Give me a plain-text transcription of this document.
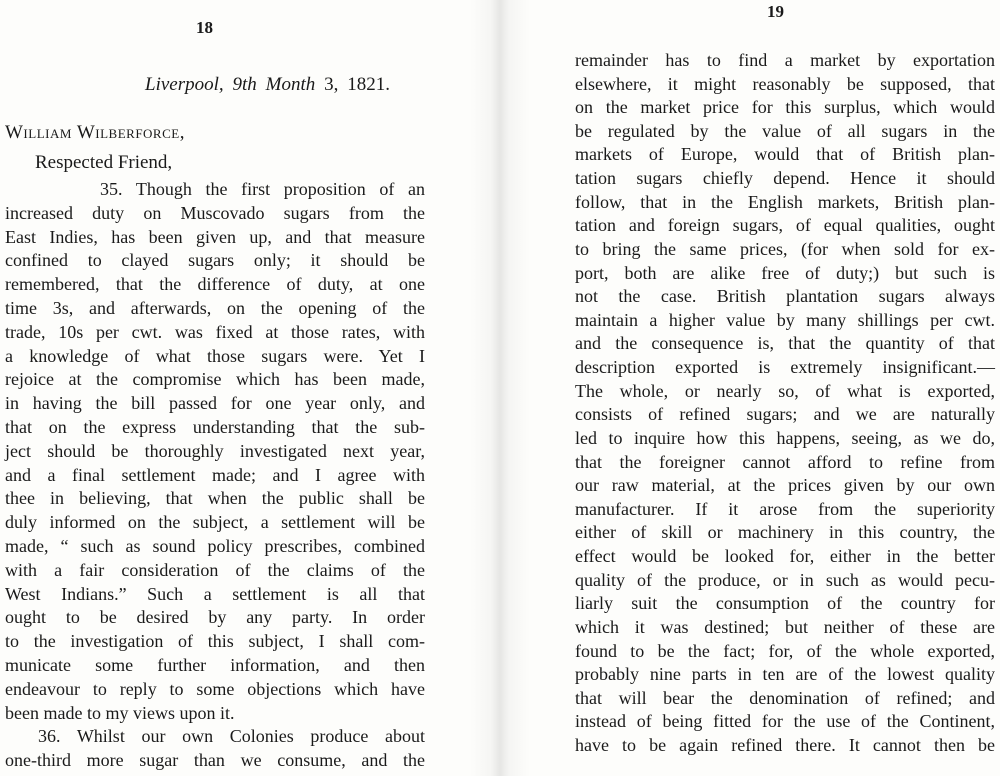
18
Liverpool, 9th Month 3, 1821.
William Wilberforce,
Respected Friend,
35. Though the first proposition of an
increased duty on Muscovado sugars from the
East Indies, has been given up, and that measure
confined to clayed sugars only; it should be
remembered, that the difference of duty, at one
time 3s, and afterwards, on the opening of the
trade, 10s per cwt. was fixed at those rates, with
a knowledge of what those sugars were. Yet I
rejoice at the compromise which has been made,
in having the bill passed for one year only, and
that on the express understanding that the sub-
ject should be thoroughly investigated next year,
and a final settlement made; and I agree with
thee in believing, that when the public shall be
duly informed on the subject, a settlement will be
made, “ such as sound policy prescribes, combined
with a fair consideration of the claims of the
West Indians.” Such a settlement is all that
ought to be desired by any party. In order
to the investigation of this subject, I shall com-
municate some further information, and then
endeavour to reply to some objections which have
been made to my views upon it.
36. Whilst our own Colonies produce about
one-third more sugar than we consume, and the
19
remainder has to find a market by exportation
elsewhere, it might reasonably be supposed, that
on the market price for this surplus, which would
be regulated by the value of all sugars in the
markets of Europe, would that of British plan-
tation sugars chiefly depend. Hence it should
follow, that in the English markets, British plan-
tation and foreign sugars, of equal qualities, ought
to bring the same prices, (for when sold for ex-
port, both are alike free of duty;) but such is
not the case. British plantation sugars always
maintain a higher value by many shillings per cwt.
and the consequence is, that the quantity of that
description exported is extremely insignificant.—
The whole, or nearly so, of what is exported,
consists of refined sugars; and we are naturally
led to inquire how this happens, seeing, as we do,
that the foreigner cannot afford to refine from
our raw material, at the prices given by our own
manufacturer. If it arose from the superiority
either of skill or machinery in this country, the
effect would be looked for, either in the better
quality of the produce, or in such as would pecu-
liarly suit the consumption of the country for
which it was destined; but neither of these are
found to be the fact; for, of the whole exported,
probably nine parts in ten are of the lowest quality
that will bear the denomination of refined; and
instead of being fitted for the use of the Continent,
have to be again refined there. It cannot then be
